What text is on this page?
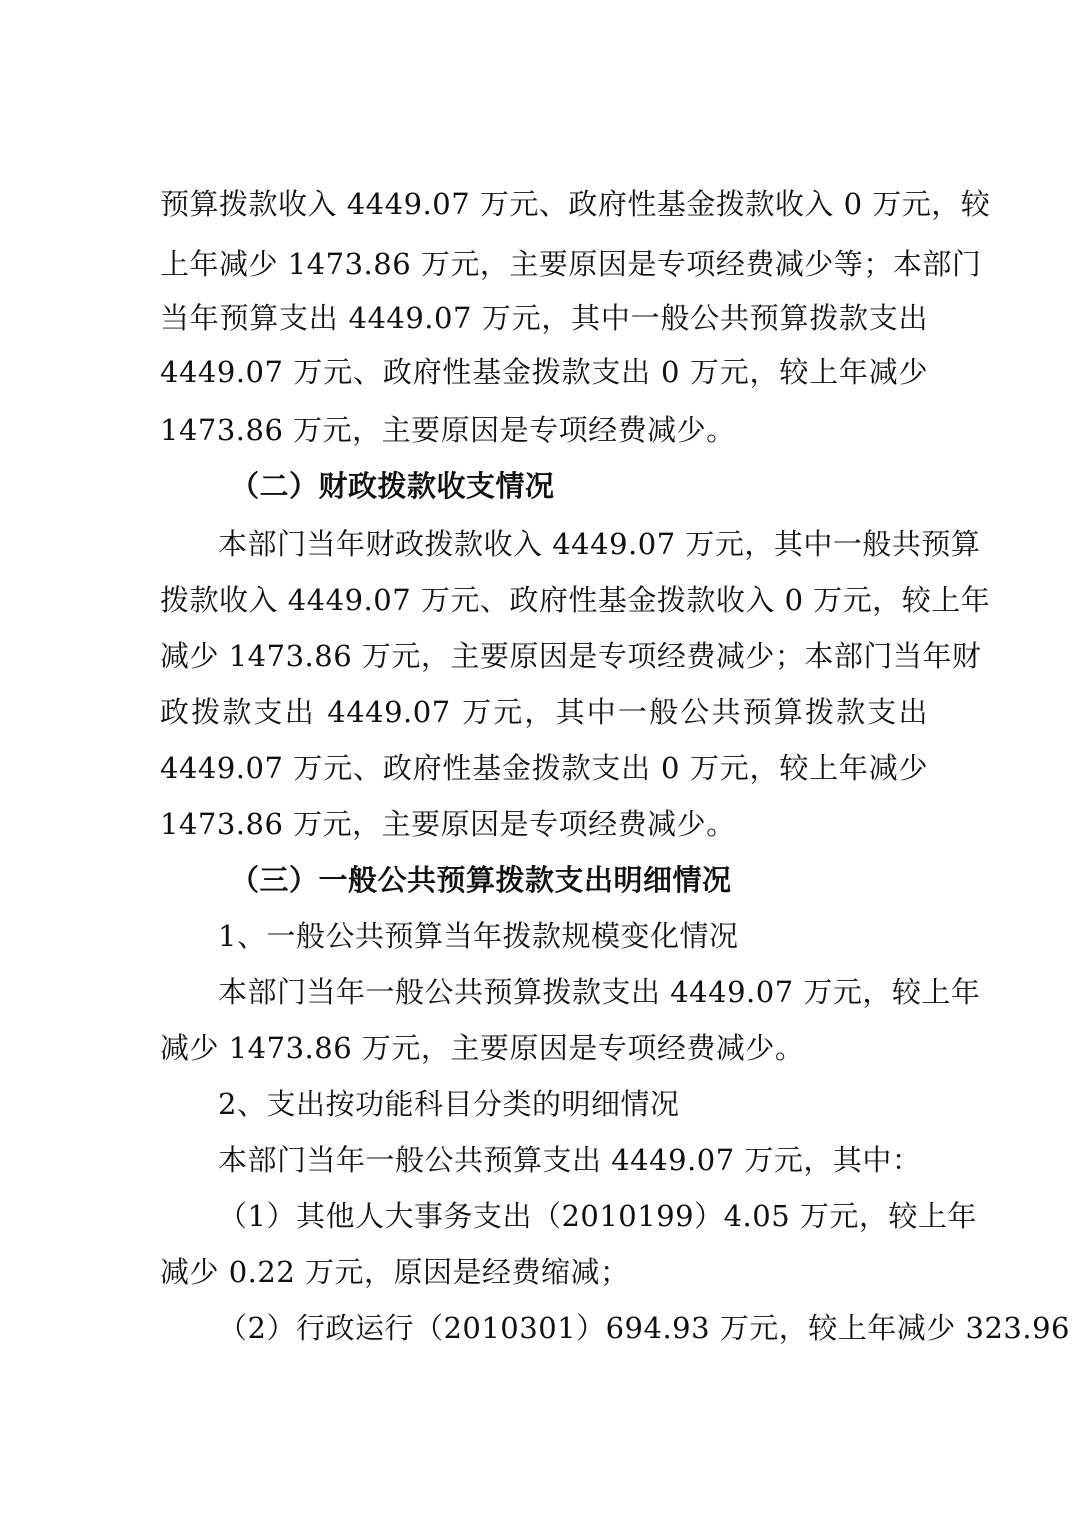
预算拨款收入 4449.07 万元、政府性基金拨款收入 0 万元，较
上年减少 1473.86 万元，主要原因是专项经费减少等；本部门
当年预算支出 4449.07 万元，其中一般公共预算拨款支出
4449.07 万元、政府性基金拨款支出 0 万元，较上年减少
1473.86 万元，主要原因是专项经费减少。
（二）财政拨款收支情况
本部门当年财政拨款收入 4449.07 万元，其中一般共预算
拨款收入 4449.07 万元、政府性基金拨款收入 0 万元，较上年
减少 1473.86 万元，主要原因是专项经费减少；本部门当年财
政拨款支出 4449.07 万元，其中一般公共预算拨款支出
4449.07 万元、政府性基金拨款支出 0 万元，较上年减少
1473.86 万元，主要原因是专项经费减少。
（三）一般公共预算拨款支出明细情况
1、一般公共预算当年拨款规模变化情况
本部门当年一般公共预算拨款支出 4449.07 万元，较上年
减少 1473.86 万元，主要原因是专项经费减少。
2、支出按功能科目分类的明细情况
本部门当年一般公共预算支出 4449.07 万元，其中：
（1）其他人大事务支出（2010199）4.05 万元，较上年
减少 0.22 万元，原因是经费缩减；
（2）行政运行（2010301）694.93 万元，较上年减少 323.96
